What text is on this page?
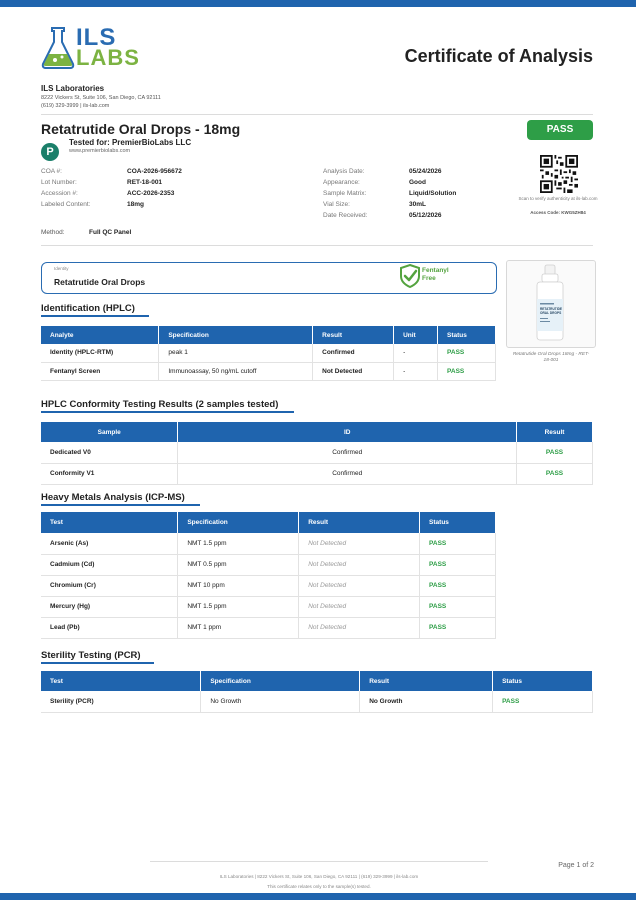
ILS
LABS	Certificate of Analysis
ILS Laboratories
8222 Vickers St, Suite 106, San Diego, CA 92111
(619) 329-3999 | ils-lab.com
Retatrutide Oral Drops - 18mg	PASS
P
Tested for: PremierBioLabs LLC
www.premierbiolabs.com
COA #:	COA-2026-956672
Lot Number:	RET-18-001
Accession #:	ACC-2026-2353
Labeled Content:	18mg
Analysis Date:	05/24/2026
Appearance:	Good
Sample Matrix:	Liquid/Solution
Vial Size:	30mL
Date Received:	05/12/2026
Scan to verify authenticity at ils-lab.com
Access Code: KWG5ZH84
Method:	Full QC Panel
Identity
Retatrutide Oral Drops
Fentanyl
Free
RETATRUTIDE
ORAL DROPS
Retatrutide Oral Drops 18mg - RET-18-001
Identification (HPLC)
Analyte	Specification	Result	Unit	Status
Identity (HPLC-RTM)	peak 1	Confirmed	-	PASS
Fentanyl Screen	Immunoassay, 50 ng/mL cutoff	Not Detected	-	PASS
HPLC Conformity Testing Results (2 samples tested)
Sample	ID	Result
Dedicated V0	Confirmed	PASS
Conformity V1	Confirmed	PASS
Heavy Metals Analysis (ICP-MS)
Test	Specification	Result	Status
Arsenic (As)	NMT 1.5 ppm	Not Detected	PASS
Cadmium (Cd)	NMT 0.5 ppm	Not Detected	PASS
Chromium (Cr)	NMT 10 ppm	Not Detected	PASS
Mercury (Hg)	NMT 1.5 ppm	Not Detected	PASS
Lead (Pb)	NMT 1 ppm	Not Detected	PASS
Sterility Testing (PCR)
Test	Specification	Result	Status
Sterility (PCR)	No Growth	No Growth	PASS
ILS Laboratories | 8222 Vickers St, Suite 106, San Diego, CA 92111 | (619) 329-3999 | ils-lab.com
This certificate relates only to the sample(s) tested.
Page 1 of 2
